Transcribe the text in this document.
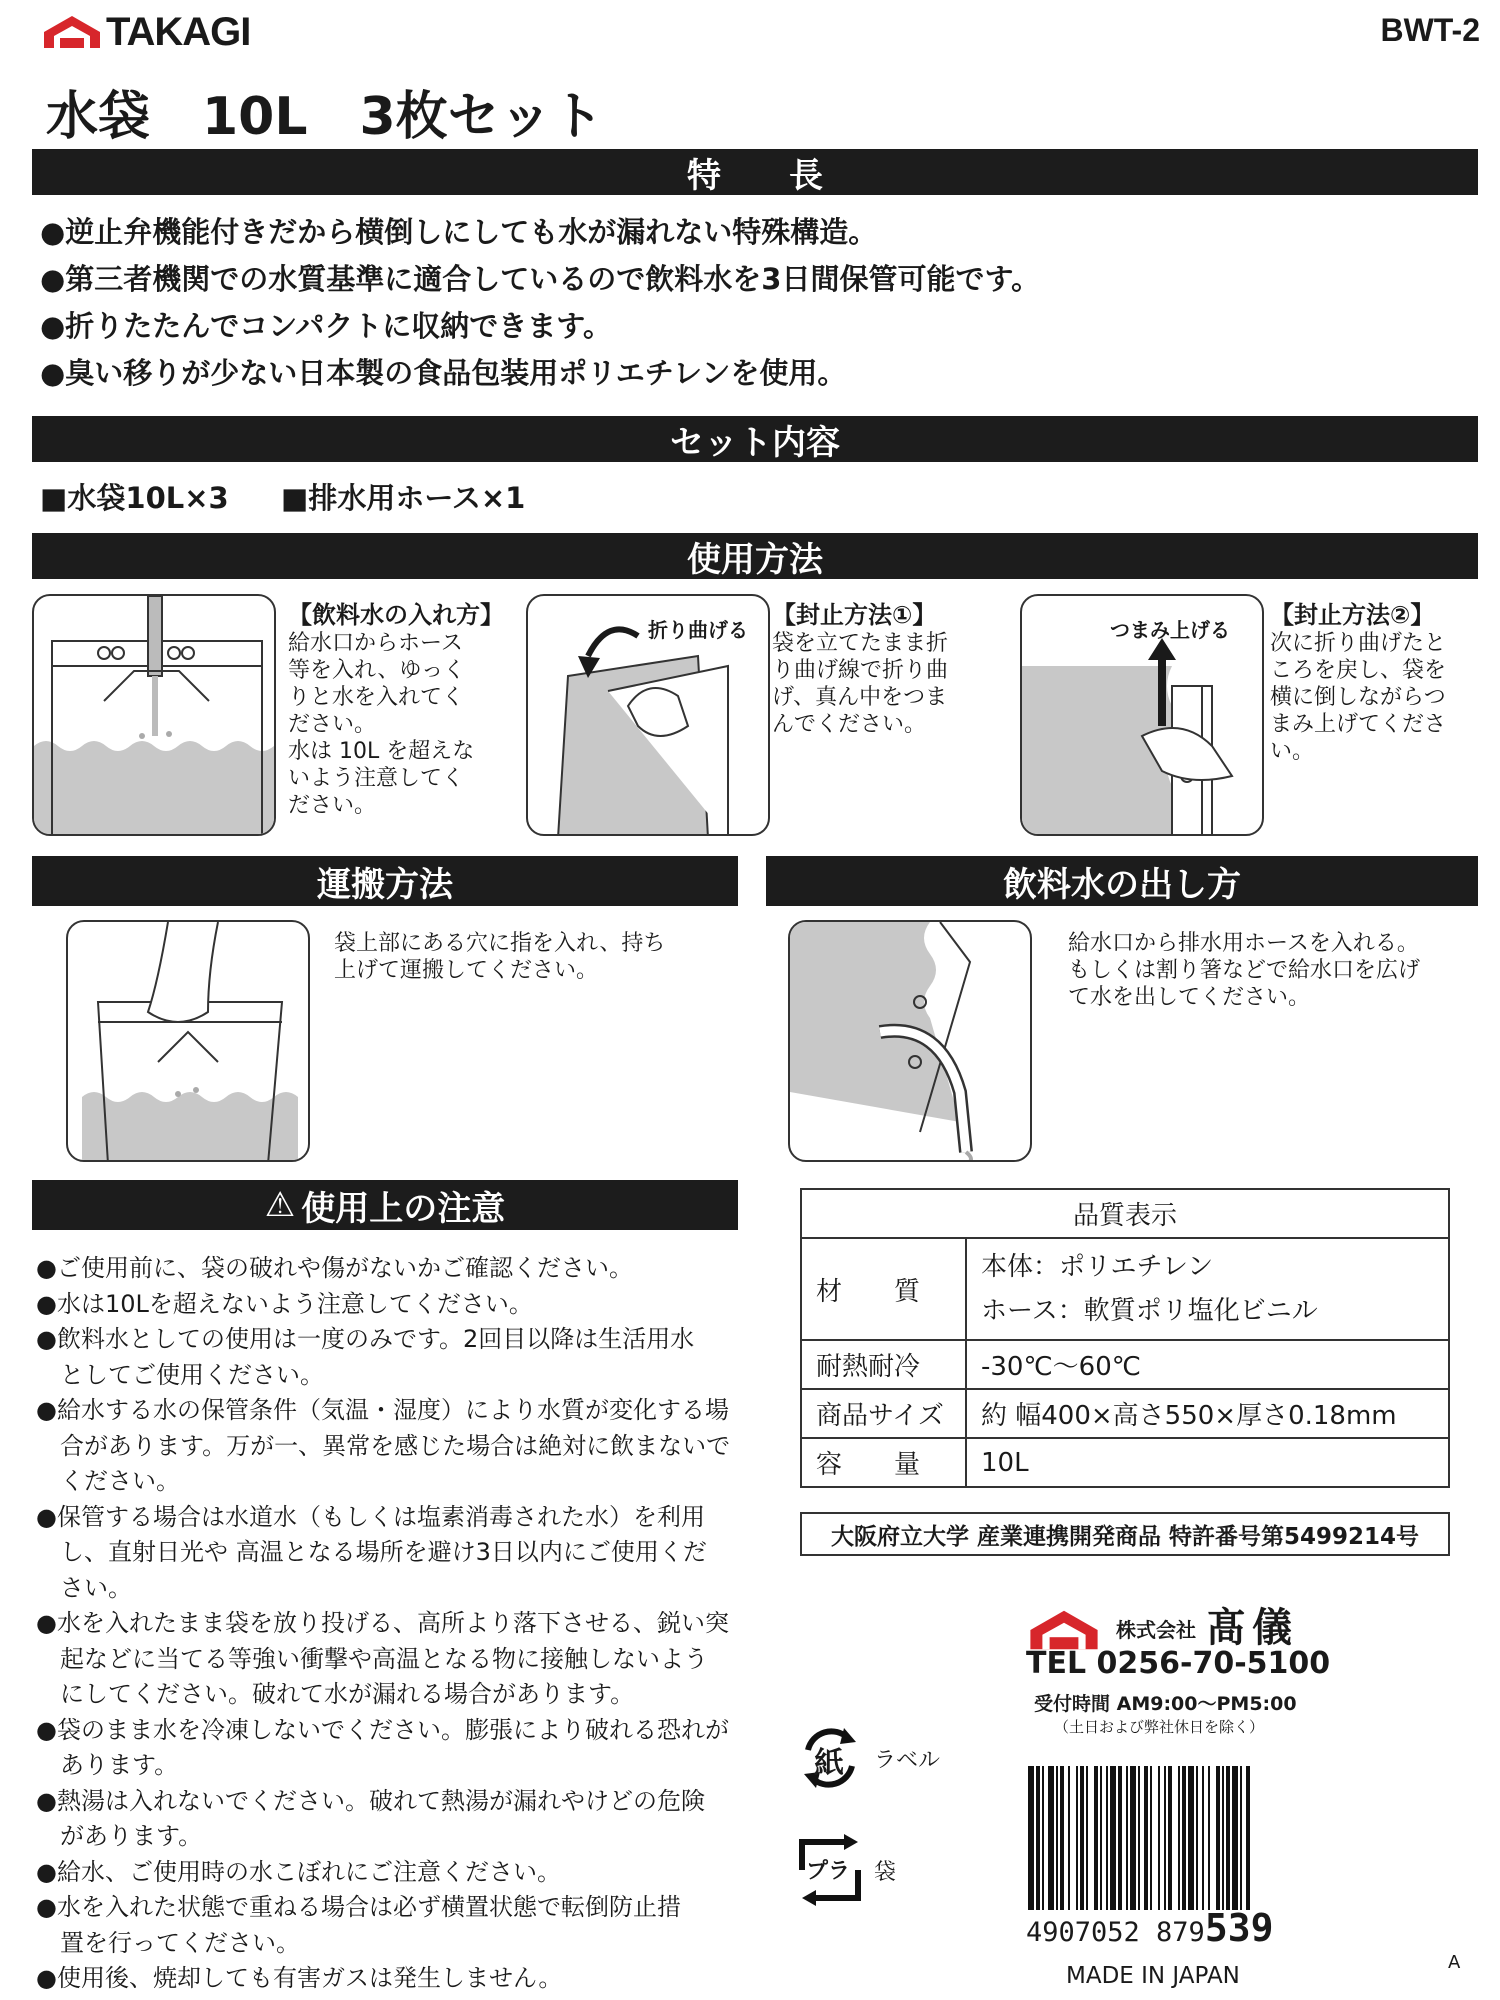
TAKAGI	BWT-2
水袋　10L　3枚セット
特　　長
●逆止弁機能付きだから横倒しにしても水が漏れない特殊構造。
●第三者機関での水質基準に適合しているので飲料水を3日間保管可能です。
●折りたたんでコンパクトに収納できます。
●臭い移りが少ない日本製の食品包装用ポリエチレンを使用。
セット内容
■水袋10L×3 ■排水用ホース×1
使用方法
【飲料水の入れ方】
給水口からホース
等を入れ、ゆっく
りと水を入れてく
ださい。
水は 10L を超えな
いよう注意してく
ださい。
折り曲げる
【封止方法①】
袋を立てたまま折
り曲げ線で折り曲
げ、真ん中をつま
んでください。
つまみ上げる
【封止方法②】
次に折り曲げたと
ころを戻し、袋を
横に倒しながらつ
まみ上げてくださ
い。
運搬方法	飲料水の出し方
袋上部にある穴に指を入れ、持ち
上げて運搬してください。
給水口から排水用ホースを入れる。
もしくは割り箸などで給水口を広げ
て水を出してください。
⚠ 使用上の注意
●ご使用前に、袋の破れや傷がないかご確認ください。
●水は10Lを超えないよう注意してください。
●飲料水としての使用は一度のみです。2回目以降は生活用水
　としてご使用ください。
●給水する水の保管条件（気温・湿度）により水質が変化する場
　合があります。万が一、異常を感じた場合は絶対に飲まないで
　ください。
●保管する場合は水道水（もしくは塩素消毒された水）を利用
　し、直射日光や 高温となる場所を避け3日以内にご使用くだ
　さい。
●水を入れたまま袋を放り投げる、高所より落下させる、鋭い突
　起などに当てる等強い衝撃や高温となる物に接触しないよう
　にしてください。破れて水が漏れる場合があります。
●袋のまま水を冷凍しないでください。膨張により破れる恐れが
　あります。
●熱湯は入れないでください。破れて熱湯が漏れやけどの危険
　があります。
●給水、ご使用時の水こぼれにご注意ください。
●水を入れた状態で重ねる場合は必ず横置状態で転倒防止措
　置を行ってください。
●使用後、焼却しても有害ガスは発生しません。
品質表示	
材　　質	本体：ポリエチレン
ホース：軟質ポリ塩化ビニル

耐熱耐冷	-30℃〜60℃
商品サイズ	約 幅400×高さ550×厚さ0.18mm
容　　量	10L
大阪府立大学 産業連携開発商品 特許番号第5499214号
株式会社 髙儀
TEL 0256-70-5100
受付時間 AM9:00〜PM5:00
（土日および弊社休日を除く）
紙 ラベル
プラ 袋
4907052 879539
MADE IN JAPAN
A
